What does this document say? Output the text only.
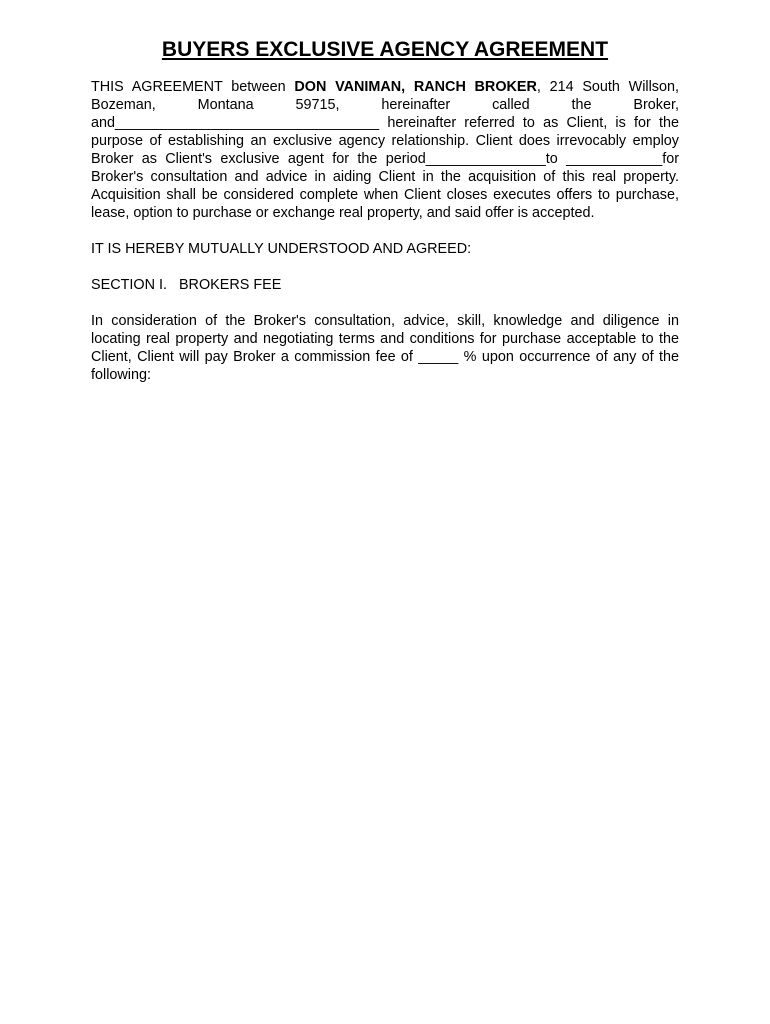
BUYERS EXCLUSIVE AGENCY AGREEMENT

THIS AGREEMENT between DON VANIMAN, RANCH BROKER, 214 South Willson, Bozeman, Montana 59715, hereinafter called the Broker, and_________________________________ hereinafter referred to as Client, is for the purpose of establishing an exclusive agency relationship. Client does irrevocably employ Broker as Client's exclusive agent for the period_______________to ____________for Broker's consultation and advice in aiding Client in the acquisition of this real property. Acquisition shall be considered complete when Client closes executes offers to purchase, lease, option to purchase or exchange real property, and said offer is accepted.

IT IS HEREBY MUTUALLY UNDERSTOOD AND AGREED:

SECTION I.   BROKERS FEE

In consideration of the Broker's consultation, advice, skill, knowledge and diligence in locating real property and negotiating terms and conditions for purchase acceptable to the Client, Client will pay Broker a commission fee of _____ % upon occurrence of any of the following:
